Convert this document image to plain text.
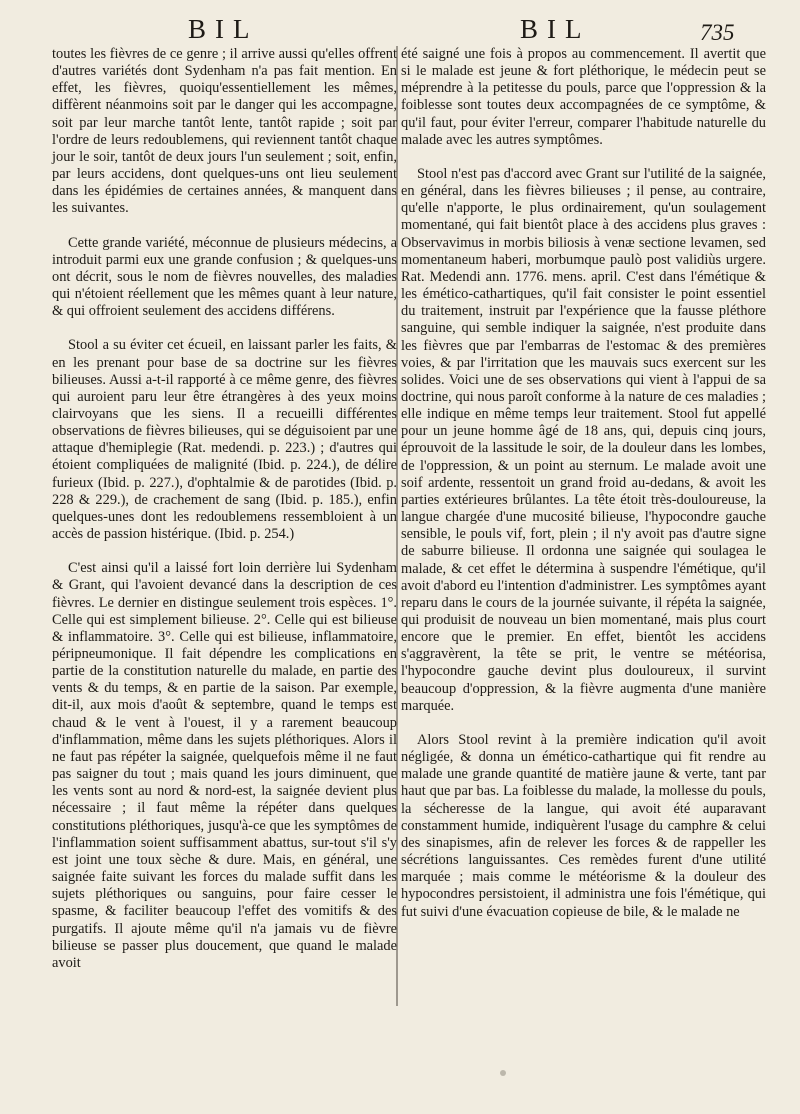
BIL	BIL	735

toutes les fièvres de ce genre ; il arrive aussi qu'elles offrent d'autres variétés dont Sydenham n'a pas fait mention. En effet, les fièvres, quoiqu'essentiellement les mêmes, diffèrent néanmoins soit par le danger qui les accompagne, soit par leur marche tantôt lente, tantôt rapide ; soit par l'ordre de leurs redoublemens, qui reviennent tantôt chaque jour le soir, tantôt de deux jours l'un seulement ; soit, enfin, par leurs accidens, dont quelques-uns ont lieu seulement dans les épidémies de certaines années, & manquent dans les suivantes.

Cette grande variété, méconnue de plusieurs médecins, a introduit parmi eux une grande confusion ; & quelques-uns ont décrit, sous le nom de fièvres nouvelles, des maladies qui n'étoient réellement que les mêmes quant à leur nature, & qui offroient seulement des accidens différens.

Stool a su éviter cet écueil, en laissant parler les faits, & en les prenant pour base de sa doctrine sur les fièvres bilieuses. Aussi a-t-il rapporté à ce même genre, des fièvres qui auroient paru leur être étrangères à des yeux moins clairvoyans que les siens. Il a recueilli différentes observations de fièvres bilieuses, qui se déguisoient par une attaque d'hemiplegie (Rat. medendi. p. 223.) ; d'autres qui étoient compliquées de malignité (Ibid. p. 224.), de délire furieux (Ibid. p. 227.), d'ophtalmie & de parotides (Ibid. p. 228 & 229.), de crachement de sang (Ibid. p. 185.), enfin quelques-unes dont les redoublemens ressembloient à un accès de passion histérique. (Ibid. p. 254.)

C'est ainsi qu'il a laissé fort loin derrière lui Sydenham & Grant, qui l'avoient devancé dans la description de ces fièvres. Le dernier en distingue seulement trois espèces. 1°. Celle qui est simplement bilieuse. 2°. Celle qui est bilieuse & inflammatoire. 3°. Celle qui est bilieuse, inflammatoire, péripneumonique. Il fait dépendre les complications en partie de la constitution naturelle du malade, en partie des vents & du temps, & en partie de la saison. Par exemple, dit-il, aux mois d'août & septembre, quand le temps est chaud & le vent à l'ouest, il y a rarement beaucoup d'inflammation, même dans les sujets pléthoriques. Alors il ne faut pas répéter la saignée, quelquefois même il ne faut pas saigner du tout ; mais quand les jours diminuent, que les vents sont au nord & nord-est, la saignée devient plus nécessaire ; il faut même la répéter dans quelques constitutions pléthoriques, jusqu'à-ce que les symptômes de l'inflammation soient suffisamment abattus, sur-tout s'il s'y est joint une toux sèche & dure. Mais, en général, une saignée faite suivant les forces du malade suffit dans les sujets pléthoriques ou sanguins, pour faire cesser le spasme, & faciliter beaucoup l'effet des vomitifs & des purgatifs. Il ajoute même qu'il n'a jamais vu de fièvre bilieuse se passer plus doucement, que quand le malade avoit

été saigné une fois à propos au commencement. Il avertit que si le malade est jeune & fort pléthorique, le médecin peut se méprendre à la petitesse du pouls, parce que l'oppression & la foiblesse sont toutes deux accompagnées de ce symptôme, & qu'il faut, pour éviter l'erreur, comparer l'habitude naturelle du malade avec les autres symptômes.

Stool n'est pas d'accord avec Grant sur l'utilité de la saignée, en général, dans les fièvres bilieuses ; il pense, au contraire, qu'elle n'apporte, le plus ordinairement, qu'un soulagement momentané, qui fait bientôt place à des accidens plus graves : Observavimus in morbis biliosis à venæ sectione levamen, sed momentaneum haberi, morbumque paulò post validiùs urgere. Rat. Medendi ann. 1776. mens. april. C'est dans l'émétique & les émético-cathartiques, qu'il fait consister le point essentiel du traitement, instruit par l'expérience que la fausse pléthore sanguine, qui semble indiquer la saignée, n'est produite dans les fièvres que par l'embarras de l'estomac & des premières voies, & par l'irritation que les mauvais sucs exercent sur les solides. Voici une de ses observations qui vient à l'appui de sa doctrine, qui nous paroît conforme à la nature de ces maladies ; elle indique en même temps leur traitement. Stool fut appellé pour un jeune homme âgé de 18 ans, qui, depuis cinq jours, éprouvoit de la lassitude le soir, de la douleur dans les lombes, de l'oppression, & un point au sternum. Le malade avoit une soif ardente, ressentoit un grand froid au-dedans, & avoit les parties extérieures brûlantes. La tête étoit très-douloureuse, la langue chargée d'une mucosité bilieuse, l'hypocondre gauche sensible, le pouls vif, fort, plein ; il n'y avoit pas d'autre signe de saburre bilieuse. Il ordonna une saignée qui soulagea le malade, & cet effet le détermina à suspendre l'émétique, qu'il avoit d'abord eu l'intention d'administrer. Les symptômes ayant reparu dans le cours de la journée suivante, il répéta la saignée, qui produisit de nouveau un bien momentané, mais plus court encore que le premier. En effet, bientôt les accidens s'aggravèrent, la tête se prit, le ventre se météorisa, l'hypocondre gauche devint plus douloureux, il survint beaucoup d'oppression, & la fièvre augmenta d'une manière marquée.

Alors Stool revint à la première indication qu'il avoit négligée, & donna un émético-cathartique qui fit rendre au malade une grande quantité de matière jaune & verte, tant par haut que par bas. La foiblesse du malade, la mollesse du pouls, la sécheresse de la langue, qui avoit été auparavant constamment humide, indiquèrent l'usage du camphre & celui des sinapismes, afin de relever les forces & de rappeller les sécrétions languissantes. Ces remèdes furent d'une utilité marquée ; mais comme le météorisme & la douleur des hypocondres persistoient, il administra une fois l'émétique, qui fut suivi d'une évacuation copieuse de bile, & le malade ne
